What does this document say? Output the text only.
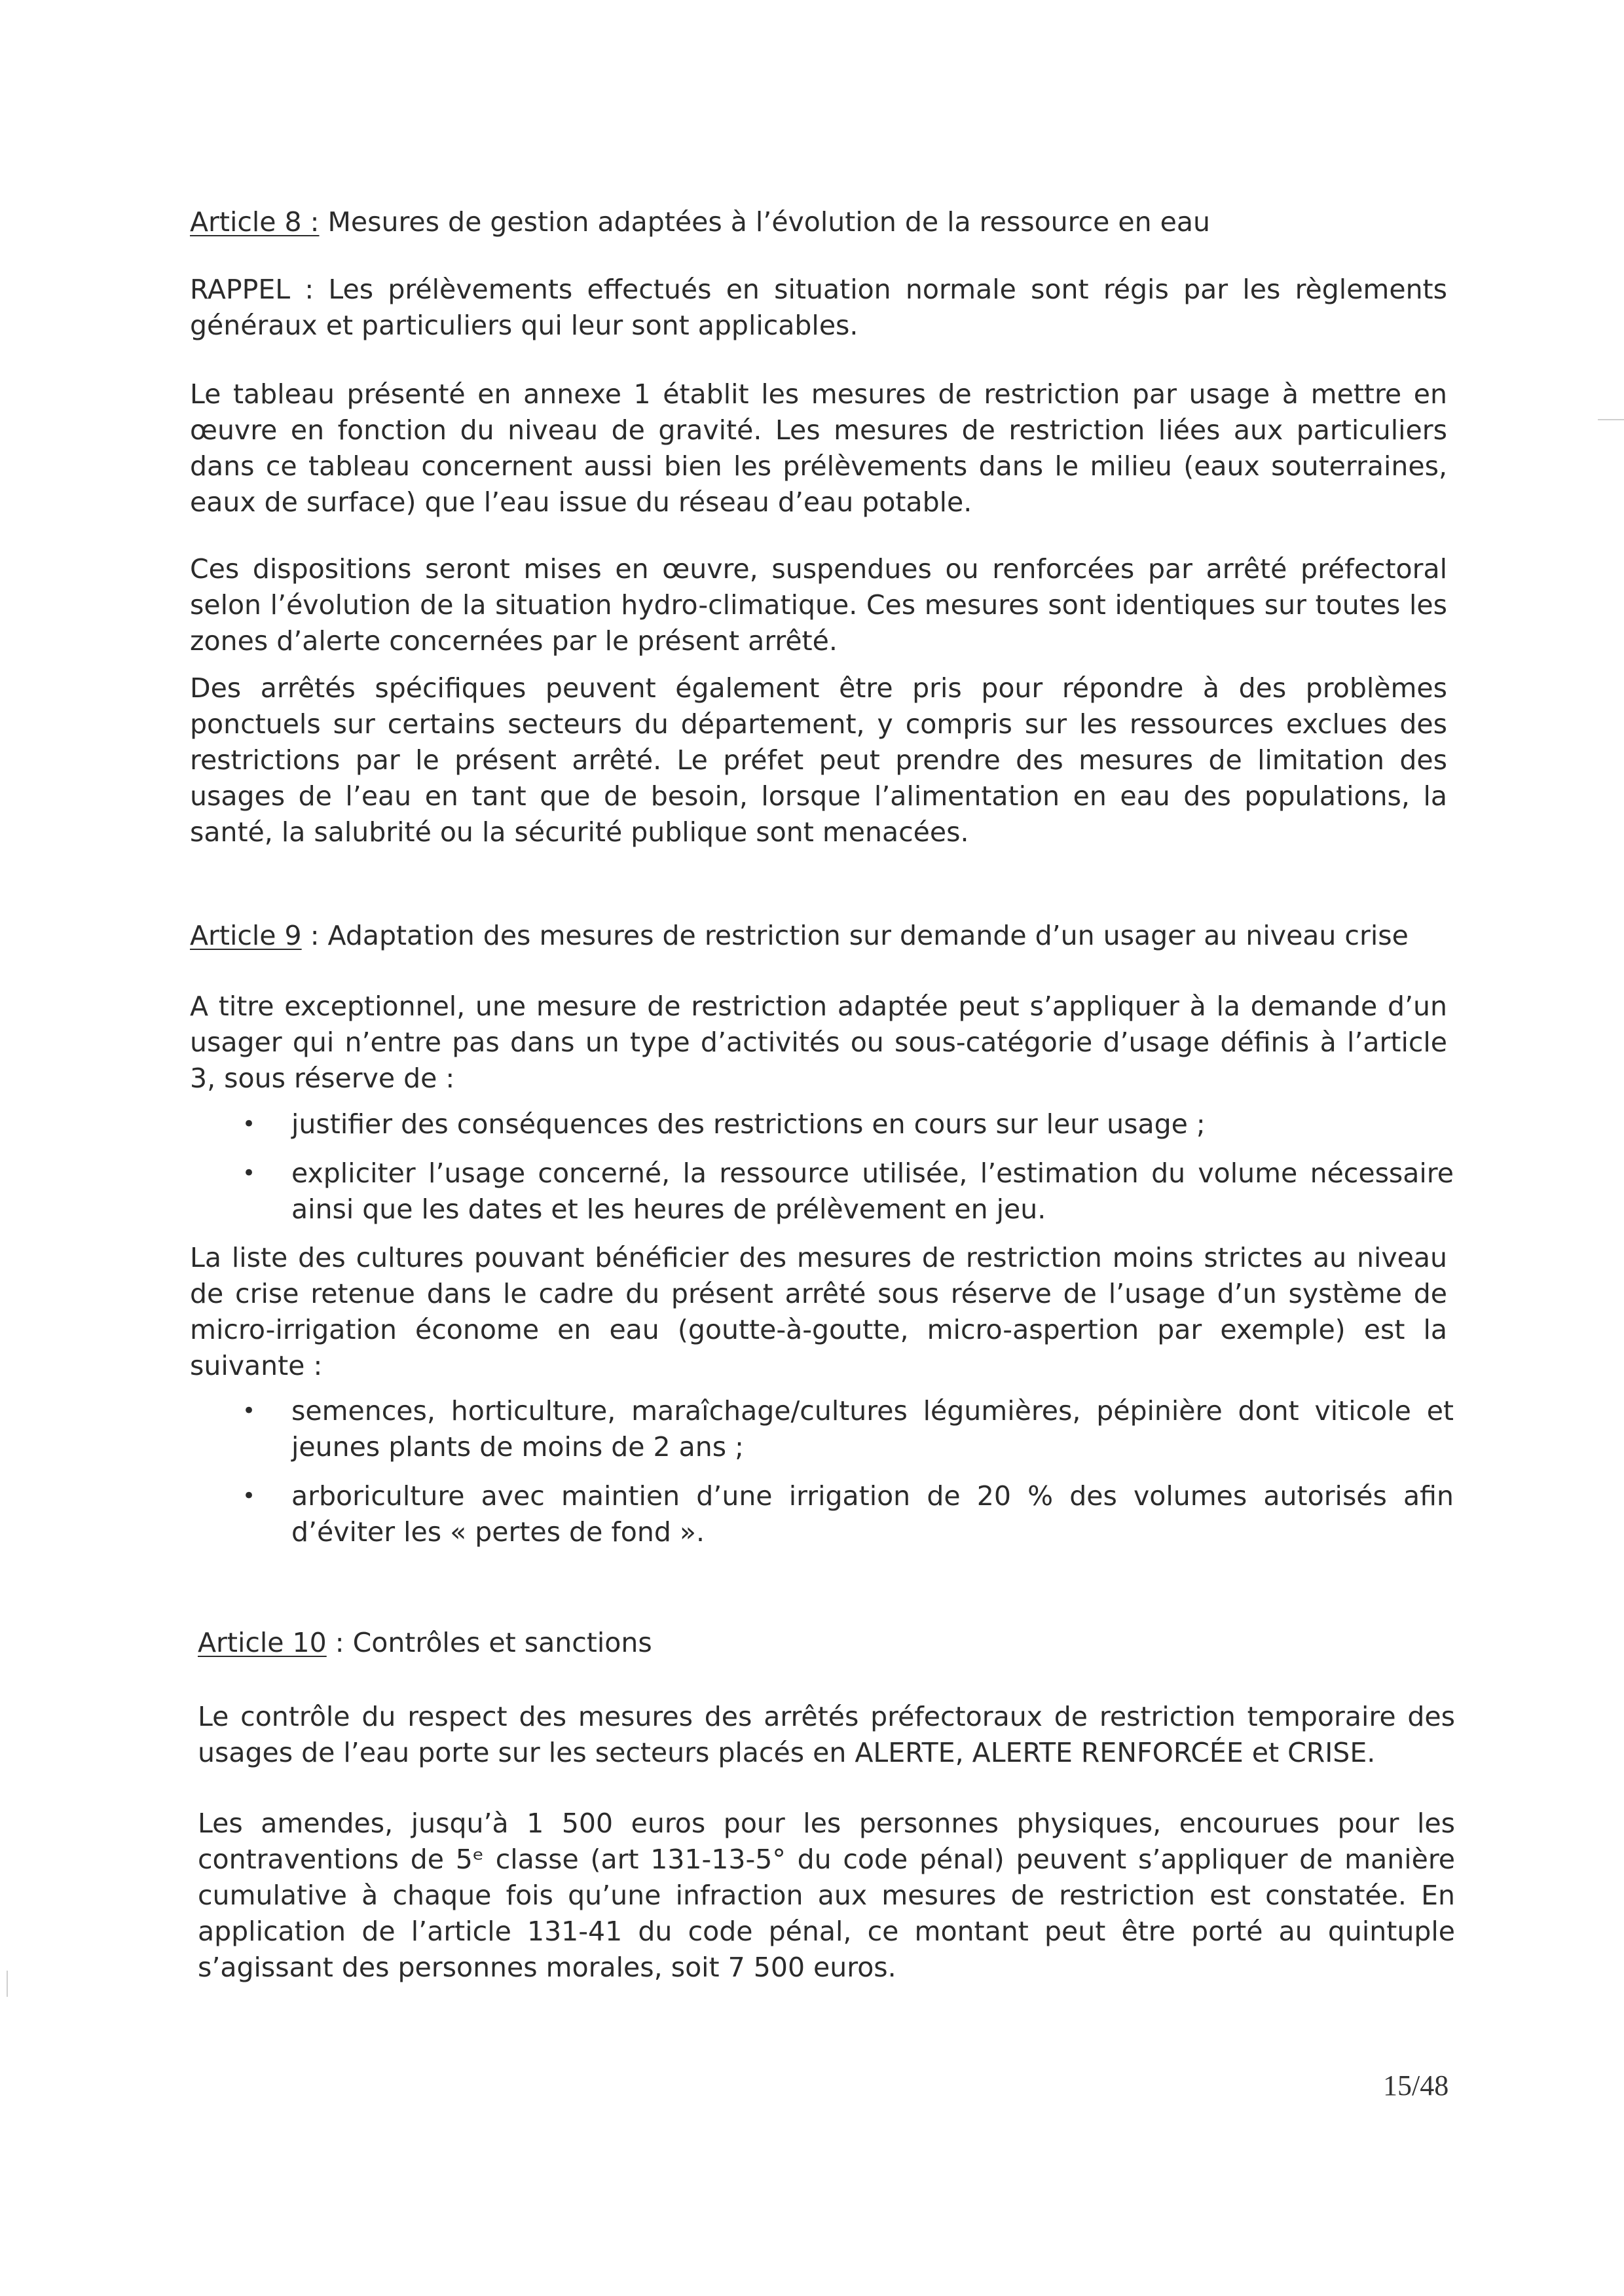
Article 8 : Mesures de gestion adaptées à l’évolution de la ressource en eau
RAPPEL : Les prélèvements effectués en situation normale sont régis par les règlements généraux et particuliers qui leur sont applicables.
Le tableau présenté en annexe 1 établit les mesures de restriction par usage à mettre en œuvre en fonction du niveau de gravité. Les mesures de restriction liées aux particuliers dans ce tableau concernent aussi bien les prélèvements dans le milieu (eaux souterraines, eaux de surface) que l’eau issue du réseau d’eau potable.
Ces dispositions seront mises en œuvre, suspendues ou renforcées par arrêté préfectoral selon l’évolution de la situation hydro-climatique. Ces mesures sont identiques sur toutes les zones d’alerte concernées par le présent arrêté.
Des arrêtés spécifiques peuvent également être pris pour répondre à des problèmes ponctuels sur certains secteurs du département, y compris sur les ressources exclues des restrictions par le présent arrêté. Le préfet peut prendre des mesures de limitation des usages de l’eau en tant que de besoin, lorsque l’alimentation en eau des populations, la santé, la salubrité ou la sécurité publique sont menacées.
Article 9 : Adaptation des mesures de restriction sur demande d’un usager au niveau crise
A titre exceptionnel, une mesure de restriction adaptée peut s’appliquer à la demande d’un usager qui n’entre pas dans un type d’activités ou sous-catégorie d’usage définis à l’article 3, sous réserve de :
• justifier des conséquences des restrictions en cours sur leur usage ;
• expliciter l’usage concerné, la ressource utilisée, l’estimation du volume nécessaire ainsi que les dates et les heures de prélèvement en jeu.
La liste des cultures pouvant bénéficier des mesures de restriction moins strictes au niveau de crise retenue dans le cadre du présent arrêté sous réserve de l’usage d’un système de micro-irrigation économe en eau (goutte-à-goutte, micro-aspertion par exemple) est la suivante :
• semences, horticulture, maraîchage/cultures légumières, pépinière dont viticole et jeunes plants de moins de 2 ans ;
• arboriculture avec maintien d’une irrigation de 20 % des volumes autorisés afin d’éviter les « pertes de fond ».
Article 10 : Contrôles et sanctions
Le contrôle du respect des mesures des arrêtés préfectoraux de restriction temporaire des usages de l’eau porte sur les secteurs placés en ALERTE, ALERTE RENFORCÉE et CRISE.
Les amendes, jusqu’à 1 500 euros pour les personnes physiques, encourues pour les contraventions de 5ᵉ classe (art 131-13-5° du code pénal) peuvent s’appliquer de manière cumulative à chaque fois qu’une infraction aux mesures de restriction est constatée. En application de l’article 131-41 du code pénal, ce montant peut être porté au quintuple s’agissant des personnes morales, soit 7 500 euros.
15/48
